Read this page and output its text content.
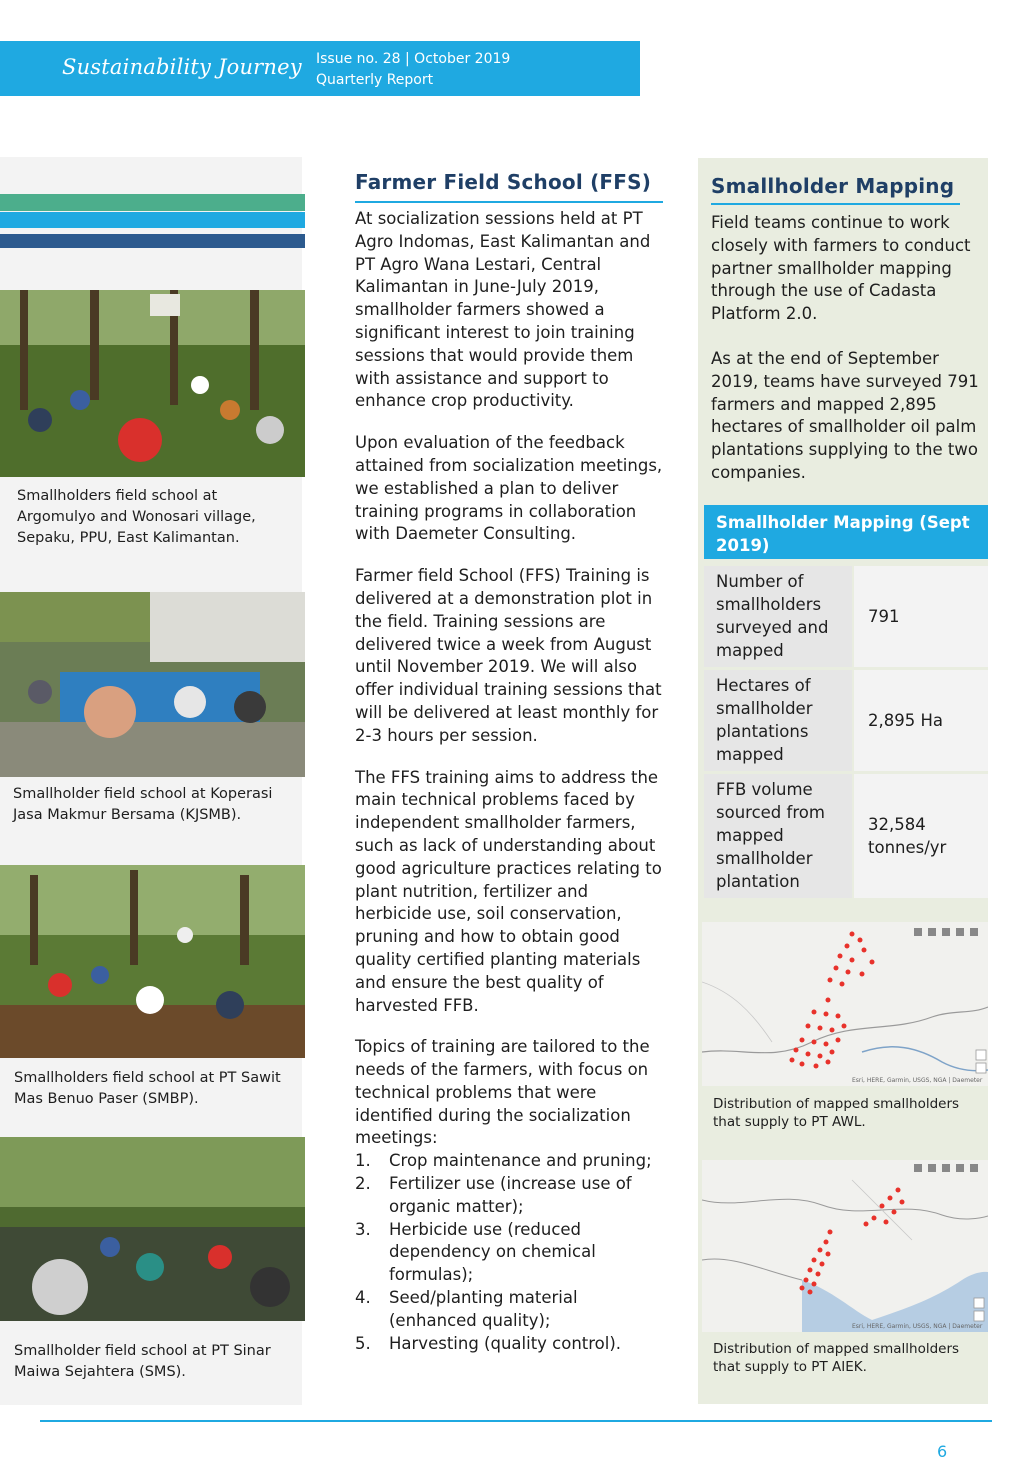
Sustainability Journey Issue no. 28 | October 2019
Quarterly Report
Smallholders field school at Argomulyo and Wonosari village, Sepaku, PPU, East Kalimantan.
Smallholder field school at Koperasi Jasa Makmur Bersama (KJSMB).
Smallholders field school at PT Sawit Mas Benuo Paser (SMBP).
Smallholder field school at PT Sinar Maiwa Sejahtera (SMS).
Farmer Field School (FFS)

At socialization sessions held at PT Agro Indomas, East Kalimantan and PT Agro Wana Lestari, Central Kalimantan in June-July 2019, smallholder farmers showed a significant interest to join training sessions that would provide them with assistance and support to enhance crop productivity.

Upon evaluation of the feedback attained from socialization meetings, we established a plan to deliver training programs in collaboration with Daemeter Consulting.

Farmer field School (FFS) Training is delivered at a demonstration plot in the field. Training sessions are delivered twice a week from August until November 2019. We will also offer individual training sessions that will be delivered at least monthly for 2-3 hours per session.

The FFS training aims to address the main technical problems faced by independent smallholder farmers, such as lack of understanding about good agriculture practices relating to plant nutrition, fertilizer and herbicide use, soil conservation, pruning and how to obtain good quality certified planting materials and ensure the best quality of harvested FFB.

Topics of training are tailored to the needs of the farmers, with focus on technical problems that were identified during the socialization meetings:

1. Crop maintenance and pruning;
2. Fertilizer use (increase use of organic matter);
3. Herbicide use (reduced dependency on chemical formulas);
4. Seed/planting material (enhanced quality);
5. Harvesting (quality control).
Smallholder Mapping

Field teams continue to work closely with farmers to conduct partner smallholder mapping through the use of Cadasta Platform 2.0.

As at the end of September 2019, teams have surveyed 791 farmers and mapped 2,895 hectares of smallholder oil palm plantations supplying to the two companies.

Smallholder Mapping (Sept 2019)
Number of smallholders surveyed and mapped
791
Hectares of smallholder plantations mapped
2,895 Ha
FFB volume sourced from mapped smallholder plantation
32,584 tonnes/yr
Esri, HERE, Garmin, USGS, NGA | Daemeter
Distribution of mapped smallholders that supply to PT AWL.
Esri, HERE, Garmin, USGS, NGA | Daemeter
Distribution of mapped smallholders that supply to PT AIEK.
6
